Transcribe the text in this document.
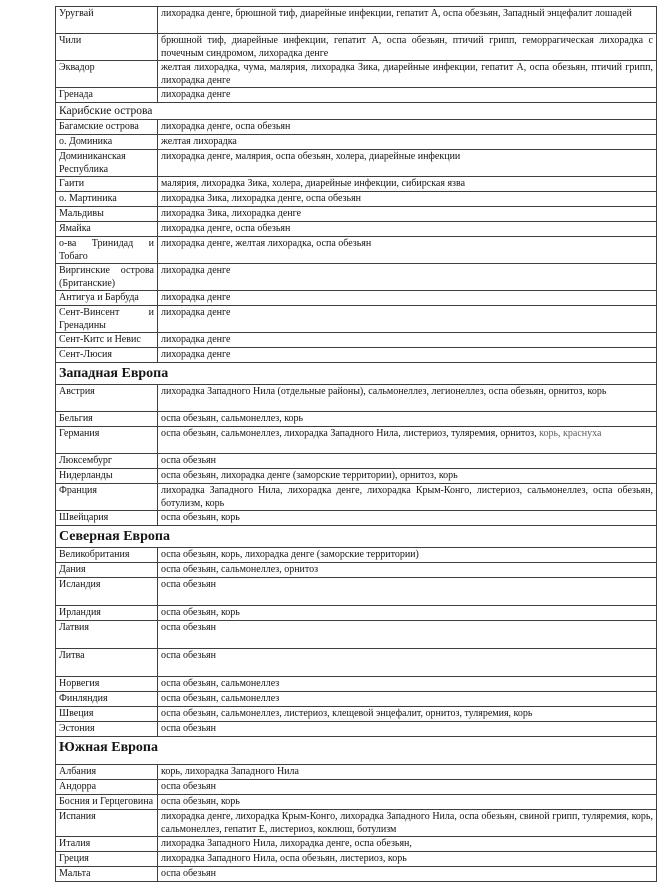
Уругвай	лихорадка денге, брюшной тиф, диарейные инфекции, гепатит А, оспа обезьян, Западный энцефалит лошадей
Чили	брюшной тиф, диарейные инфекции, гепатит А, оспа обезьян, птичий грипп, геморрагическая лихорадка с почечным синдромом, лихорадка денге
Эквадор	желтая лихорадка, чума, малярия, лихорадка Зика, диарейные инфекции, гепатит А, оспа обезьян, птичий грипп, лихорадка денге
Гренада	лихорадка денге
Карибские острова	
Багамские острова	лихорадка денге, оспа обезьян
о. Доминика	желтая лихорадка
Доминиканская Республика	лихорадка денге, малярия, оспа обезьян, холера, диарейные инфекции
Гаити	малярия, лихорадка Зика, холера, диарейные инфекции, сибирская язва
о. Мартиника	лихорадка Зика, лихорадка денге, оспа обезьян
Мальдивы	лихорадка Зика, лихорадка денге
Ямайка	лихорадка денге, оспа обезьян
о-ва Тринидад и Тобаго	лихорадка денге, желтая лихорадка, оспа обезьян
Виргинские острова (Британские)	лихорадка денге
Антигуа и Барбуда	лихорадка денге
Сент-Винсент и Гренадины	лихорадка денге
Сент-Китс и Невис	лихорадка денге
Сент-Люсия	лихорадка денге
Западная Европа	
Австрия	лихорадка Западного Нила (отдельные районы), сальмонеллез, легионеллез, оспа обезьян, орнитоз, корь
Бельгия	оспа обезьян, сальмонеллез, корь
Германия	оспа обезьян, сальмонеллез, лихорадка Западного Нила, листериоз, туляремия, орнитоз, корь, краснуха
Люксембург	оспа обезьян
Нидерланды	оспа обезьян, лихорадка денге (заморские территории), орнитоз, корь
Франция	лихорадка Западного Нила, лихорадка денге, лихорадка Крым-Конго, листериоз, сальмонеллез, оспа обезьян, ботулизм, корь
Швейцария	оспа обезьян, корь
Северная Европа	
Великобритания	оспа обезьян, корь, лихорадка денге (заморские территории)
Дания	оспа обезьян, сальмонеллез, орнитоз
Исландия	оспа обезьян
Ирландия	оспа обезьян, корь
Латвия	оспа обезьян
Литва	оспа обезьян
Норвегия	оспа обезьян, сальмонеллез
Финляндия	оспа обезьян, сальмонеллез
Швеция	оспа обезьян, сальмонеллез, листериоз, клещевой энцефалит, орнитоз, туляремия, корь
Эстония	оспа обезьян
Южная Европа	
Албания	корь, лихорадка Западного Нила
Андорра	оспа обезьян
Босния и Герцеговина	оспа обезьян, корь
Испания	лихорадка денге, лихорадка Крым-Конго, лихорадка Западного Нила, оспа обезьян, свиной грипп, туляремия, корь, сальмонеллез, гепатит Е, листериоз, коклюш, ботулизм
Италия	лихорадка Западного Нила, лихорадка денге, оспа обезьян,
Греция	лихорадка Западного Нила, оспа обезьян, листериоз, корь
Мальта	оспа обезьян
